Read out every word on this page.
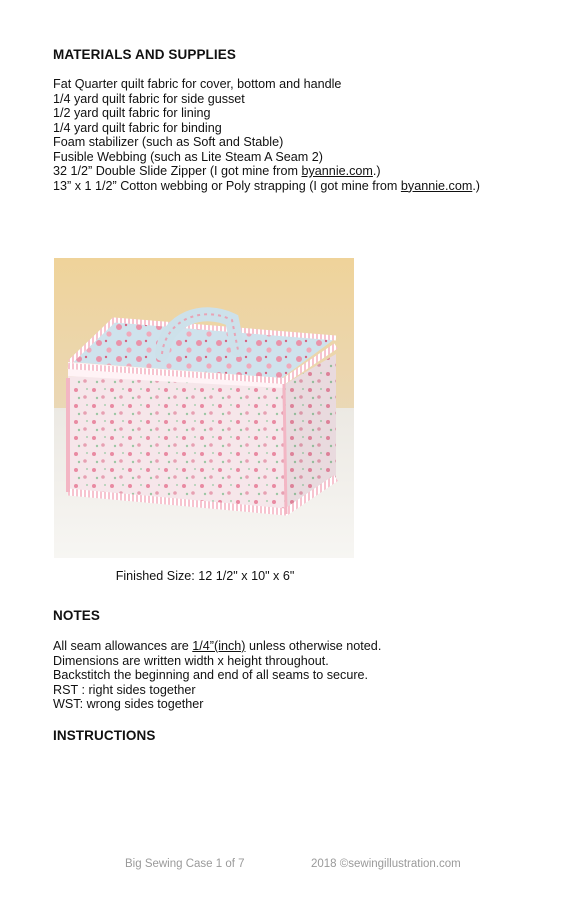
MATERIALS AND SUPPLIES
Fat Quarter quilt fabric for cover, bottom and handle
1/4 yard quilt fabric for side gusset
1/2 yard quilt fabric for lining
1/4 yard quilt fabric for binding
Foam stabilizer (such as Soft and Stable)
Fusible Webbing (such as Lite Steam A Seam 2)
32 1/2” Double Slide Zipper (I got mine from byannie.com.)
13” x 1 1/2” Cotton webbing or Poly strapping (I got mine from byannie.com.)
Finished Size: 12 1/2" x 10" x 6"
NOTES
All seam allowances are 1/4”(inch) unless otherwise noted.
Dimensions are written width x height throughout.
Backstitch the beginning and end of all seams to secure.
RST : right sides together
WST: wrong sides together
INSTRUCTIONS
Big Sewing Case 1 of 7	2018 ©sewingillustration.com
